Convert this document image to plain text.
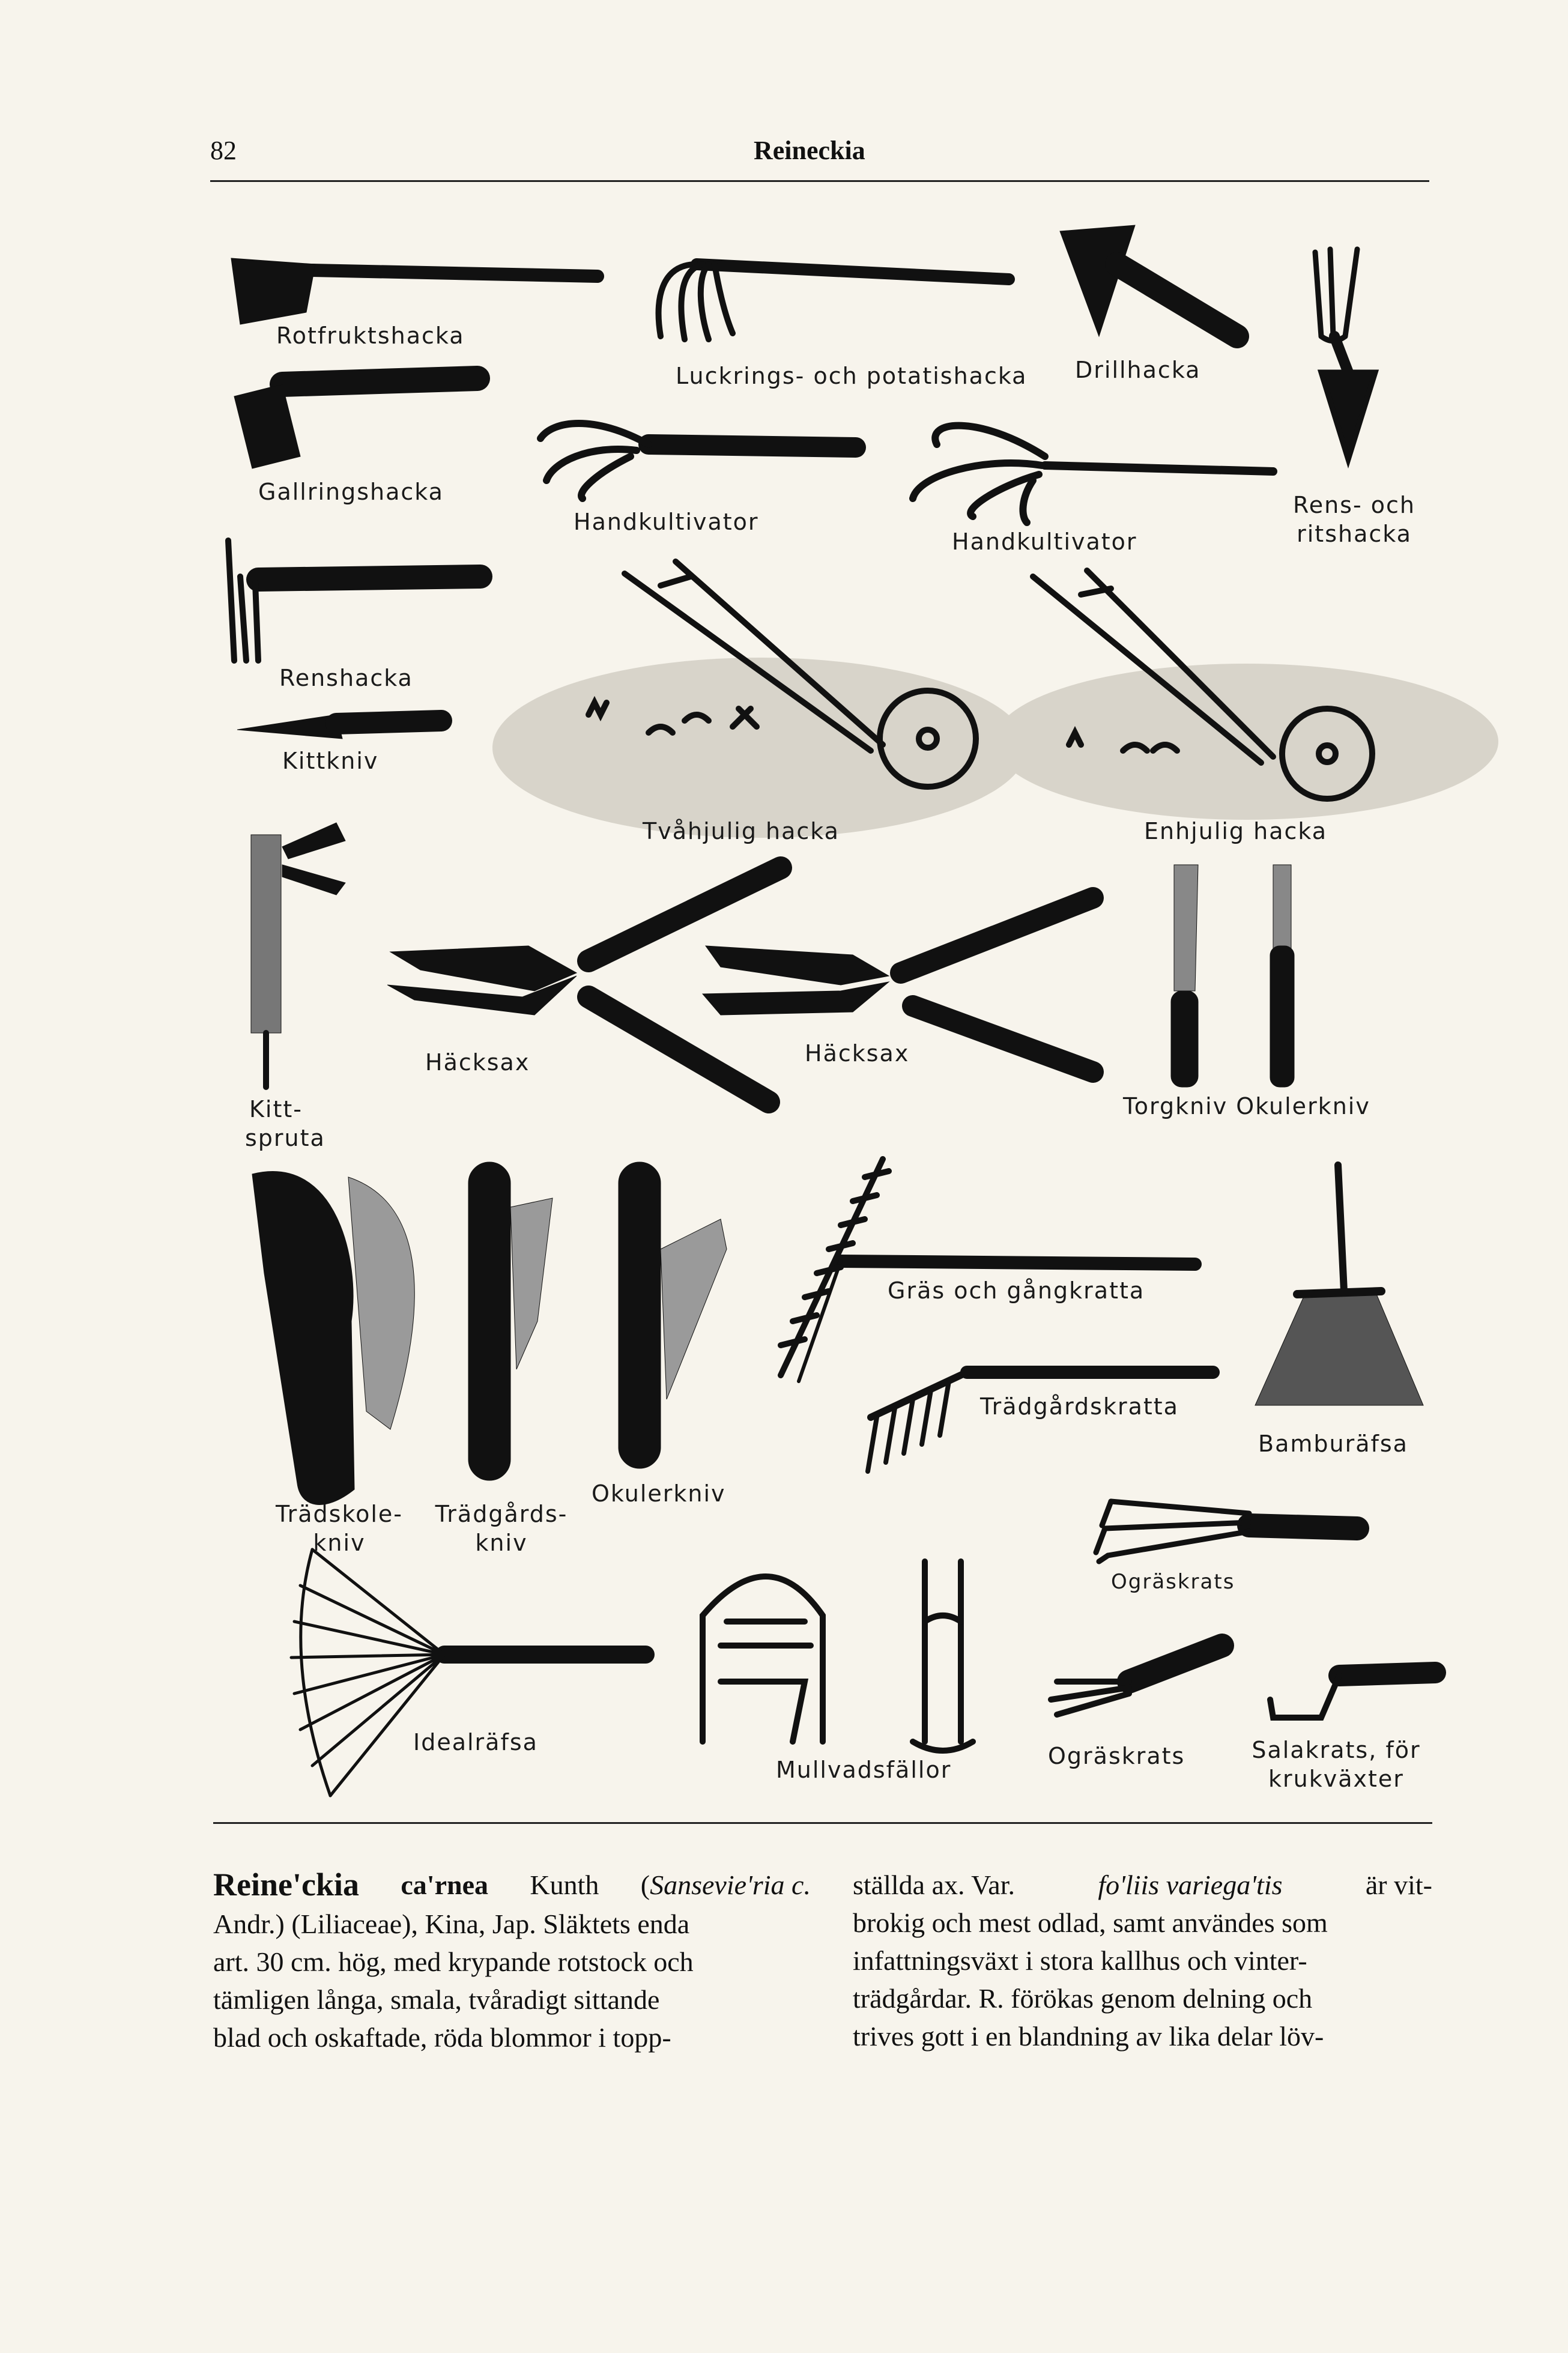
82	Reineckia
Rotfruktshacka
Luckrings- och potatishacka Drillhacka
Gallringshacka
Handkultivator
Handkultivator
Rens- och
ritshacka
Renshacka
Kittkniv
Tvåhjulig hacka	Enhjulig hacka
Kitt-
spruta
Häcksax	Häcksax
Torgkniv Okulerkniv
Gräs och gångkratta
Trädgårdskratta
Bamburäfsa
Trädskole-
kniv
Trädgårds-
kniv
Okulerkniv
Ogräskrats
Idealräfsa
Mullvadsfällor
Ogräskrats	Salakrats, för
krukväxter
Reine'ckia ca'rnea Kunth (Sansevie'ria c.
Andr.) (Liliaceae), Kina, Jap. Släktets enda
art. 30 cm. hög, med krypande rotstock och
tämligen långa, smala, tvåradigt sittande
blad och oskaftade, röda blommor i topp-
ställda ax. Var.	fo'liis variega'tis	är vit-
brokig och mest odlad, samt användes som
infattningsväxt i stora kallhus och vinter-
trädgårdar. R. förökas genom delning och
trives gott i en blandning av lika delar löv-
